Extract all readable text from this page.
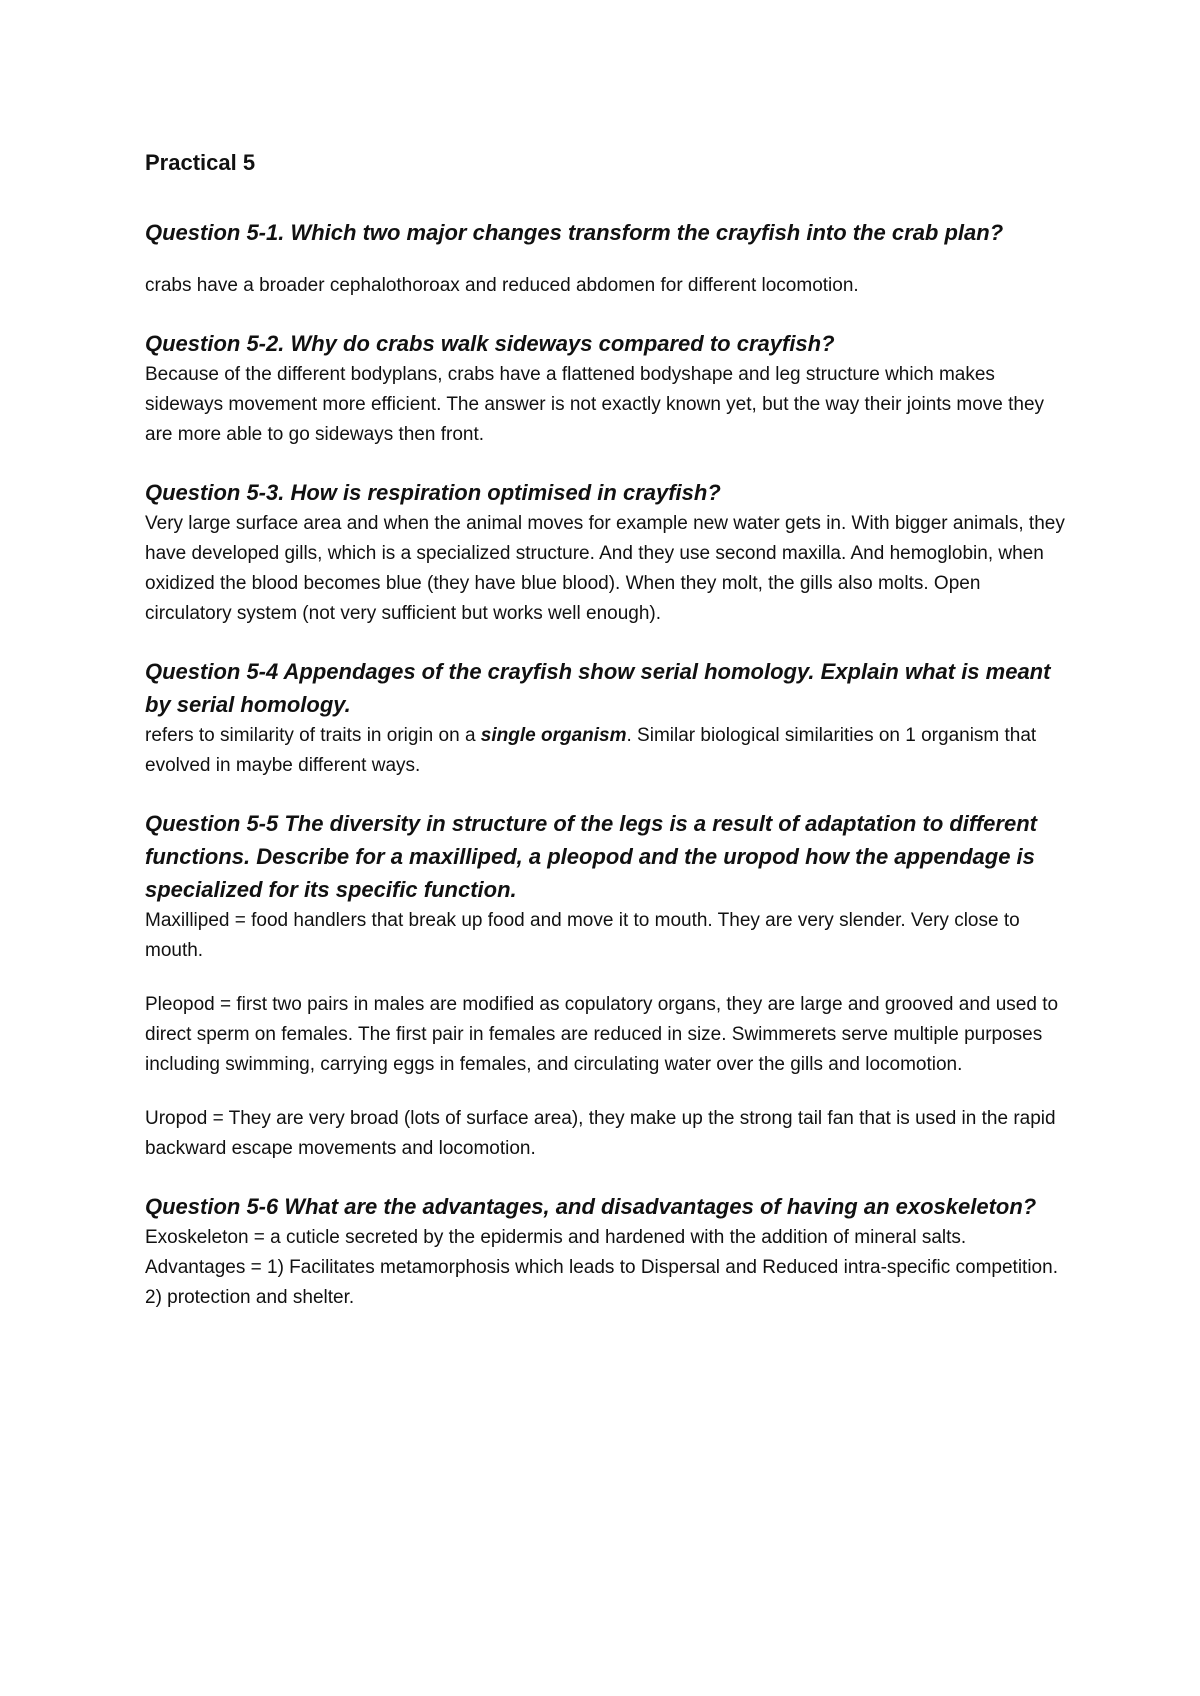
Practical 5

Question 5-1. Which two major changes transform the crayfish into the crab plan?

crabs have a broader cephalothoroax and reduced abdomen for different locomotion.

Question 5-2. Why do crabs walk sideways compared to crayfish?

Because of the different bodyplans, crabs have a flattened bodyshape and leg structure which makes sideways movement more efficient. The answer is not exactly known yet, but the way their joints move they are more able to go sideways then front.

Question 5-3. How is respiration optimised in crayfish?

Very large surface area and when the animal moves for example new water gets in. With bigger animals, they have developed gills, which is a specialized structure. And they use second maxilla. And hemoglobin, when oxidized the blood becomes blue (they have blue blood). When they molt, the gills also molts. Open circulatory system (not very sufficient but works well enough).

Question 5-4 Appendages of the crayfish show serial homology. Explain what is meant by serial homology.

refers to similarity of traits in origin on a single organism. Similar biological similarities on 1 organism that evolved in maybe different ways.

Question 5-5 The diversity in structure of the legs is a result of adaptation to different functions. Describe for a maxilliped, a pleopod and the uropod how the appendage is specialized for its specific function.

Maxilliped = food handlers that break up food and move it to mouth. They are very slender. Very close to mouth.

Pleopod = first two pairs in males are modified as copulatory organs, they are large and grooved and used to direct sperm on females. The first pair in females are reduced in size. Swimmerets serve multiple purposes including swimming, carrying eggs in females, and circulating water over the gills and locomotion.

Uropod = They are very broad (lots of surface area), they make up the strong tail fan that is used in the rapid backward escape movements and locomotion.

Question 5-6 What are the advantages, and disadvantages of having an exoskeleton?

Exoskeleton = a cuticle secreted by the epidermis and hardened with the addition of mineral salts. Advantages = 1) Facilitates metamorphosis which leads to Dispersal and Reduced intra-specific competition. 2) protection and shelter.
